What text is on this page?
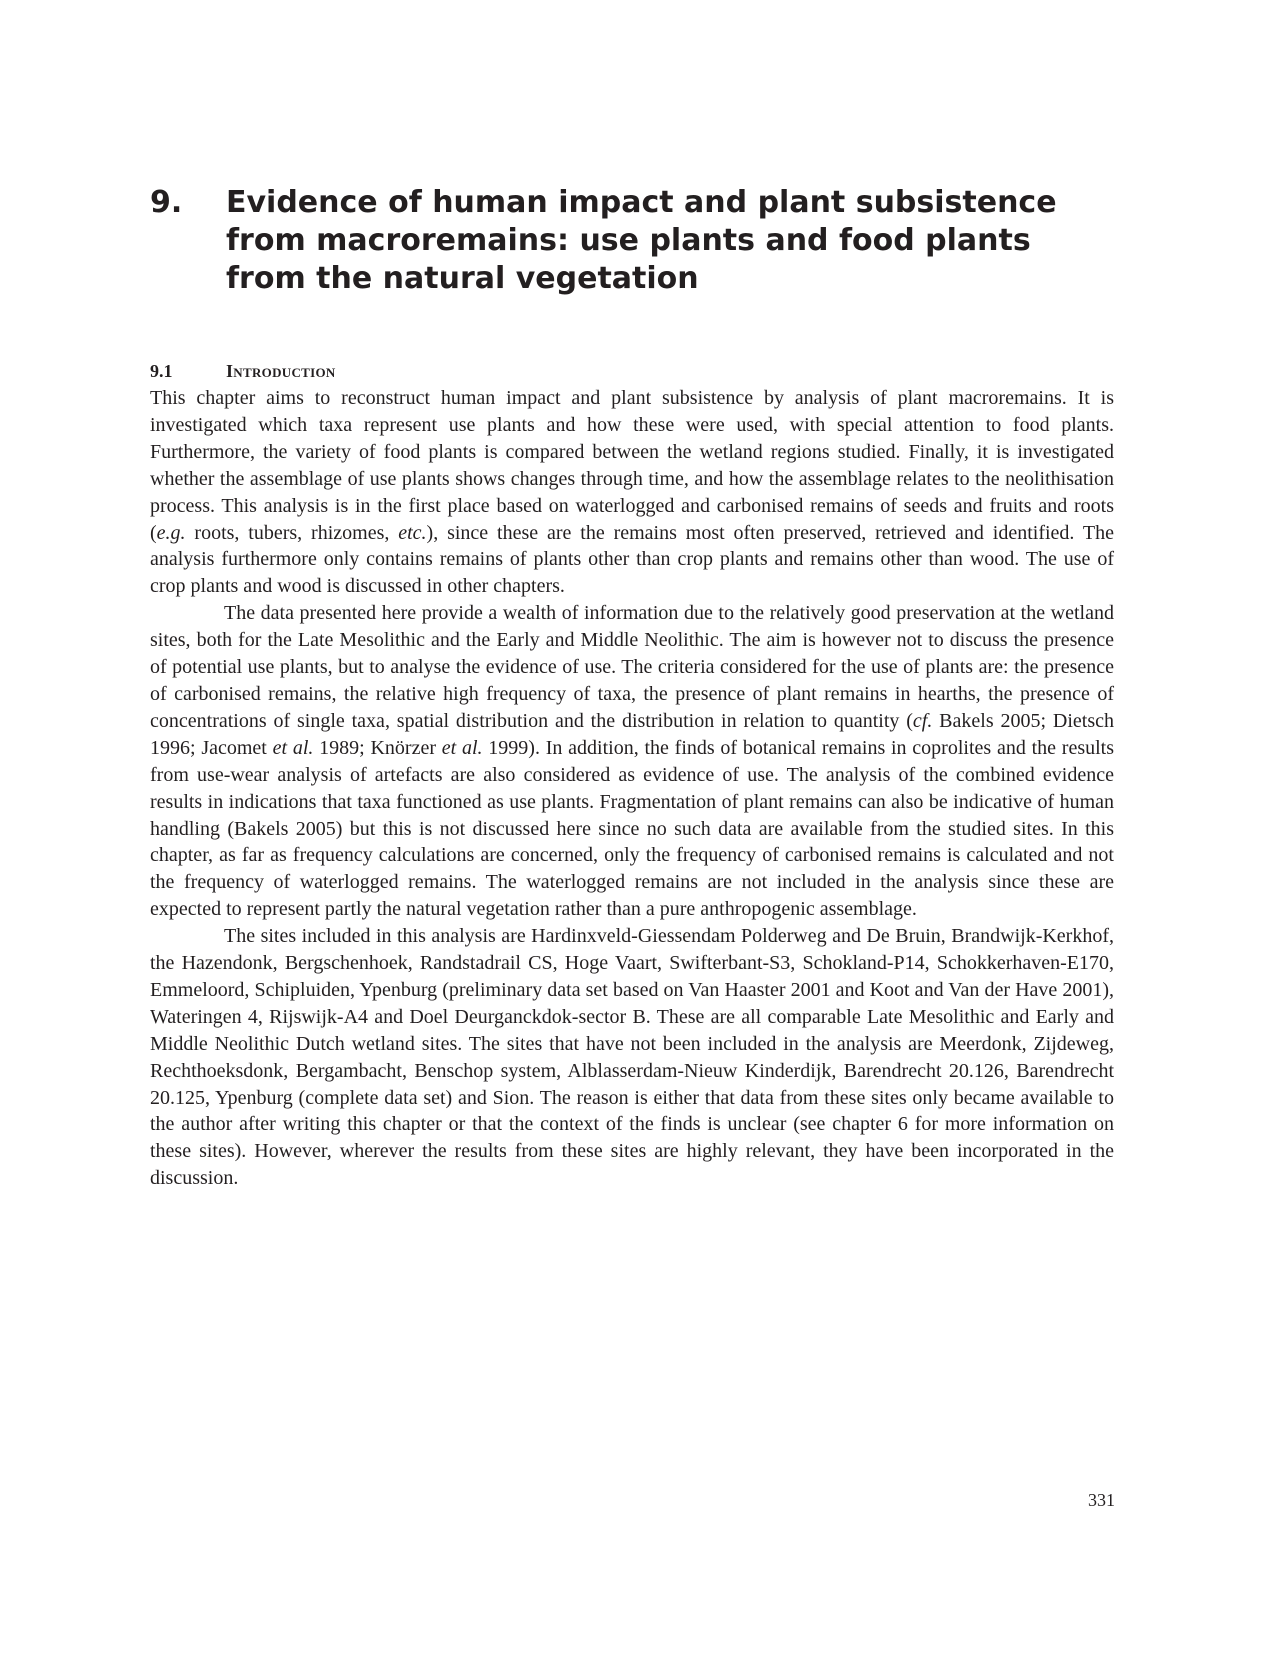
9.	Evidence of human impact and plant subsistence from macroremains: use plants and food plants from the natural vegetation
9.1	Introduction

This chapter aims to reconstruct human impact and plant subsistence by analysis of plant macroremains. It is investigated which taxa represent use plants and how these were used, with special attention to food plants. Furthermore, the variety of food plants is compared between the wetland regions studied. Finally, it is investigated whether the assemblage of use plants shows changes through time, and how the assemblage relates to the neolithisation process. This analysis is in the first place based on waterlogged and carbonised remains of seeds and fruits and roots (e.g. roots, tubers, rhizomes, etc.), since these are the remains most often preserved, retrieved and identified. The analysis furthermore only contains remains of plants other than crop plants and remains other than wood. The use of crop plants and wood is discussed in other chapters.

The data presented here provide a wealth of information due to the relatively good preservation at the wetland sites, both for the Late Mesolithic and the Early and Middle Neolithic. The aim is however not to discuss the presence of potential use plants, but to analyse the evidence of use. The criteria considered for the use of plants are: the presence of carbonised remains, the relative high frequency of taxa, the presence of plant remains in hearths, the presence of concentrations of single taxa, spatial distribution and the distribution in relation to quantity (cf. Bakels 2005; Dietsch 1996; Jacomet et al. 1989; Knörzer et al. 1999). In addition, the finds of botanical remains in coprolites and the results from use-wear analysis of artefacts are also considered as evidence of use. The analysis of the combined evidence results in indications that taxa functioned as use plants. Fragmentation of plant remains can also be indicative of human handling (Bakels 2005) but this is not discussed here since no such data are available from the studied sites. In this chapter, as far as frequency calculations are concerned, only the frequency of carbonised remains is calculated and not the frequency of waterlogged remains. The waterlogged remains are not included in the analysis since these are expected to represent partly the natural vegetation rather than a pure anthropogenic assemblage.

The sites included in this analysis are Hardinxveld-Giessendam Polderweg and De Bruin, Brandwijk-Kerkhof, the Hazendonk, Bergschenhoek, Randstadrail CS, Hoge Vaart, Swifterbant-S3, Schokland-P14, Schokkerhaven-E170, Emmeloord, Schipluiden, Ypenburg (preliminary data set based on Van Haaster 2001 and Koot and Van der Have 2001), Wateringen 4, Rijswijk-A4 and Doel Deurganckdok-sector B. These are all comparable Late Mesolithic and Early and Middle Neolithic Dutch wetland sites. The sites that have not been included in the analysis are Meerdonk, Zijdeweg, Rechthoeksdonk, Bergambacht, Benschop system, Alblasserdam-Nieuw Kinderdijk, Barendrecht 20.126, Barendrecht 20.125, Ypenburg (complete data set) and Sion. The reason is either that data from these sites only became available to the author after writing this chapter or that the context of the finds is unclear (see chapter 6 for more information on these sites). However, wherever the results from these sites are highly relevant, they have been incorporated in the discussion.

331
